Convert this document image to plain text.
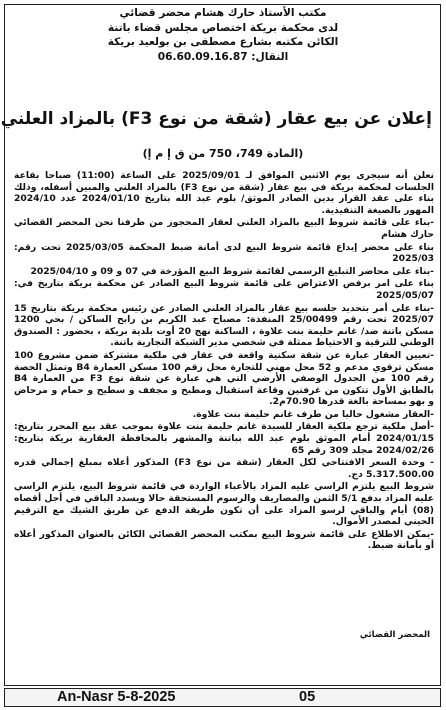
مكتب الأستاذ حارك هشام محضر قضائي
لدى محكمة بريكة اختصاص مجلس قضاء باتنة
الكائن مكتبه بشارع مصطفى بن بولعيد بريكة
النقال: 06.60.09.16.87
إعلان عن بيع عقار (شقة من نوع F3) بالمزاد العلني
(المادة 749، 750 من ق إ م إ)

نعلن أنه سيجرى يوم الاثنين الموافق لـ 2025/09/01 على الساعة (11:00) صباحا بقاعة الجلسات لمحكمة بريكة في بيع عقار (شقة من نوع F3) بالمزاد العلني والمبين أسفله، وذلك بناء على عقد القرار بدين الصادر الموثق/ بلوم عبد الله بتاريخ 2024/01/10 عدد 2024/10 المهور بالصيغة التنفيذية.

-بناء على قائمة شروط البيع بالمزاد العلني لعقار المحجوز من طرفنا نحن المحضر القضائي حارك هشام

بناء على محضر إيداع قائمة شروط البيع لدى أمانة ضبط المحكمة 2025/03/05 تحت رقم: 2025/03

-بناء على محاضر التبليغ الرسمي لقائمة شروط البيع المؤرخة في 07 و 09 و 2025/04/10

بناء على امر برفض الاعتراض على قائمة شروط البيع الصادر عن محكمة بريكة بتاريخ في: 2025/05/07

-بناء على أمر بتحديد جلسه بيع عقار بالمزاد العلني الصادر عن رئيس محكمة بريكة بتاريخ 15 2025/07 تحت رقم 25/00499 المنفذة: مصباح عبد الكريم بن رابح الساكن / بحي 1200 مسكن باتنة ضد/ غانم حليمة بنت علاوة ، الساكنة نهج 20 أوت بلدية بريكة ، بحضور : الصندوق الوطني للترقية و الاحتياط ممثلة في شخصي مدير الشبكة التجارية باتنة.

-تعيين العقار عبارة عن شقة سكنية واقعة في عقار في ملكية مشتركة ضمن مشروع 100 مسكن ترقوي مدعم و 52 محل مهني للتجارة محل رقم 100 مسكن العمارة B4 وتمثل الحصة رقم 100 من الجدول الوصفي الأرضي التي هي عبارة عن شقة نوع F3 من العمارة B4 بالطابق الأول تتكون من غرفتين وقاعة استقبال ومطبخ و مجفف و سطيح و حمام و مرحاض و بهو بمساحة بالغة قدرها 70.90م2.

-العقار مشغول حاليا من طرف غانم حليمة بنت علاوة.

-أصل ملكية ترجع ملكية العقار للسيدة غانم حليمة بنت علاوة بموجب عقد بيع المحرر بتاريخ: 2024/01/15 أمام الموثق بلوم عبد الله بباتنة والمشهر بالمحافظة العقارية بريكة بتاريخ: 2024/02/26 مجلد 309 رقم 65

- وحدة السعر الافتتاحي لكل العقار (شقة من نوع F3) المذكور أعلاه بمبلغ إجمالي قدره 5.317.500.00 دج.

شروط البيع يلتزم الراسي عليه المزاد بالأعباء الواردة في قائمة شروط البيع، يلتزم الراسي عليه المزاد بدفع 5/1 الثمن والمصاريف والرسوم المستحقة حالا ويسدد الباقي في أجل أقصاه (08) أيام والباقي لرسو المزاد على أن تكون طريقة الدفع عن طريق الشيك مع الترقيم الحيني لمصدر الأموال.

-يمكن الاطلاع على قائمة شروط البيع بمكتب المحضر القضائي الكائن بالعنوان المذكور أعلاه أو بأمانة ضبط.

المحضر القضائي
An-Nasr 5-8-2025	05
